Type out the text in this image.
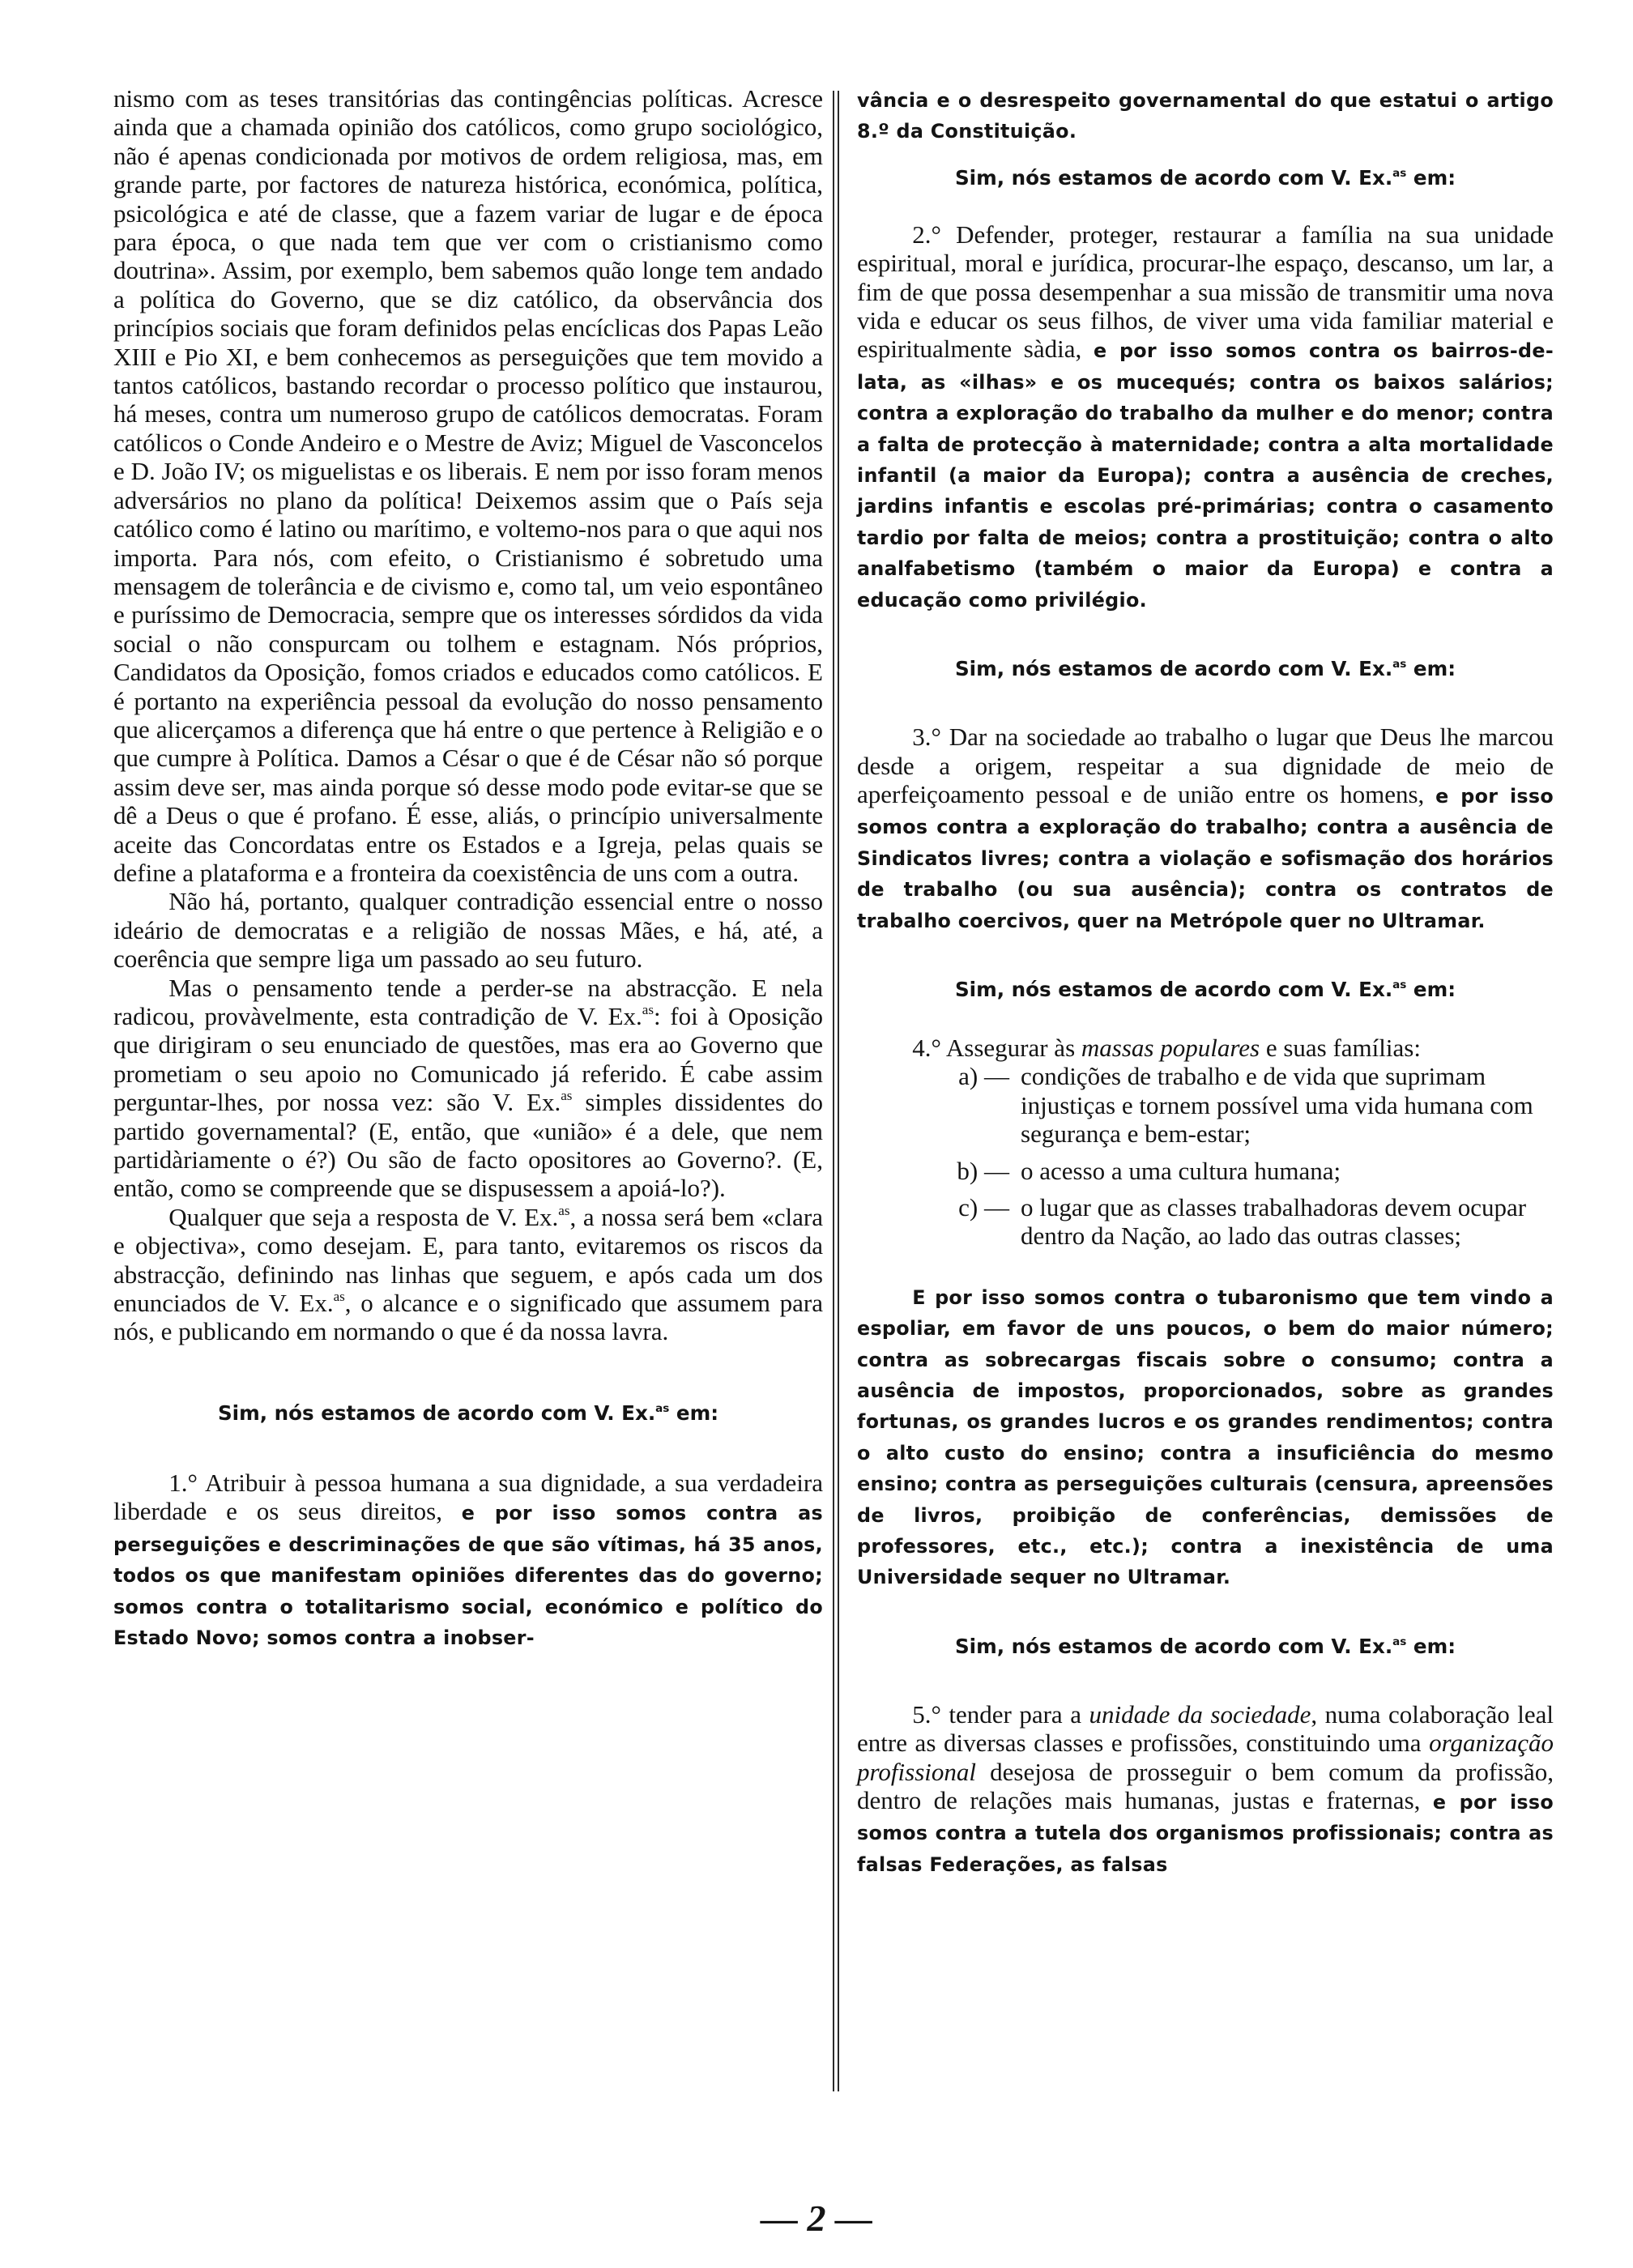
nismo com as teses transitórias das contingências políticas. Acresce ainda que a chamada opinião dos católicos, como grupo sociológico, não é apenas condicionada por motivos de ordem religiosa, mas, em grande parte, por factores de natureza histórica, económica, política, psicológica e até de classe, que a fazem variar de lugar e de época para época, o que nada tem que ver com o cristianismo como doutrina». Assim, por exemplo, bem sabemos quão longe tem andado a política do Governo, que se diz católico, da observância dos princípios sociais que foram definidos pelas encíclicas dos Papas Leão XIII e Pio XI, e bem conhecemos as perseguições que tem movido a tantos católicos, bastando recordar o processo político que instaurou, há meses, contra um numeroso grupo de católicos democratas. Foram católicos o Conde Andeiro e o Mestre de Aviz; Miguel de Vasconcelos e D. João IV; os miguelistas e os liberais. E nem por isso foram menos adversários no plano da política! Deixemos assim que o País seja católico como é latino ou marítimo, e voltemo-nos para o que aqui nos importa. Para nós, com efeito, o Cristianismo é sobretudo uma mensagem de tolerância e de civismo e, como tal, um veio espontâneo e puríssimo de Democracia, sempre que os interesses sórdidos da vida social o não conspurcam ou tolhem e estagnam. Nós próprios, Candidatos da Oposição, fomos criados e educados como católicos. E é portanto na experiência pessoal da evolução do nosso pensamento que alicerçamos a diferença que há entre o que pertence à Religião e o que cumpre à Política. Damos a César o que é de César não só porque assim deve ser, mas ainda porque só desse modo pode evitar-se que se dê a Deus o que é profano. É esse, aliás, o princípio universalmente aceite das Concordatas entre os Estados e a Igreja, pelas quais se define a plataforma e a fronteira da coexistência de uns com a outra.

Não há, portanto, qualquer contradição essencial entre o nosso ideário de democratas e a religião de nossas Mães, e há, até, a coerência que sempre liga um passado ao seu futuro.

Mas o pensamento tende a perder-se na abstracção. E nela radicou, provàvelmente, esta contradição de V. Ex.$^{as}$: foi à Oposição que dirigiram o seu enunciado de questões, mas era ao Governo que prometiam o seu apoio no Comunicado já referido. É cabe assim perguntar-lhes, por nossa vez: são V. Ex.$^{as}$ simples dissidentes do partido governamental? (E, então, que «união» é a dele, que nem partidàriamente o é?) Ou são de facto opositores ao Governo?. (E, então, como se compreende que se dispusessem a apoiá-lo?).

Qualquer que seja a resposta de V. Ex.$^{as}$, a nossa será bem «clara e objectiva», como desejam. E, para tanto, evitaremos os riscos da abstracção, definindo nas linhas que seguem, e após cada um dos enunciados de V. Ex.$^{as}$, o alcance e o significado que assumem para nós, e publicando em normando o que é da nossa lavra.

Sim, nós estamos de acordo com V. Ex.$^{as}$ em:

1.° Atribuir à pessoa humana a sua dignidade, a sua verdadeira liberdade e os seus direitos, e por isso somos contra as perseguições e descriminações de que são vítimas, há 35 anos, todos os que manifestam opiniões diferentes das do governo; somos contra o totalitarismo social, económico e político do Estado Novo; somos contra a inobser-

vância e o desrespeito governamental do que estatui o artigo 8.º da Constituição.

Sim, nós estamos de acordo com V. Ex.$^{as}$ em:

2.° Defender, proteger, restaurar a família na sua unidade espiritual, moral e jurídica, procurar-lhe espaço, descanso, um lar, a fim de que possa desempenhar a sua missão de transmitir uma nova vida e educar os seus filhos, de viver uma vida familiar material e espiritualmente sàdia, e por isso somos contra os bairros-de-lata, as «ilhas» e os mucequés; contra os baixos salários; contra a exploração do trabalho da mulher e do menor; contra a falta de protecção à maternidade; contra a alta mortalidade infantil (a maior da Europa); contra a ausência de creches, jardins infantis e escolas pré-primárias; contra o casamento tardio por falta de meios; contra a prostituição; contra o alto analfabetismo (também o maior da Europa) e contra a educação como privilégio.

Sim, nós estamos de acordo com V. Ex.$^{as}$ em:

3.° Dar na sociedade ao trabalho o lugar que Deus lhe marcou desde a origem, respeitar a sua dignidade de meio de aperfeiçoamento pessoal e de união entre os homens, e por isso somos contra a exploração do trabalho; contra a ausência de Sindicatos livres; contra a violação e sofismação dos horários de trabalho (ou sua ausência); contra os contratos de trabalho coercivos, quer na Metrópole quer no Ultramar.

Sim, nós estamos de acordo com V. Ex.$^{as}$ em:

4.° Assegurar às massas populares e suas famílias:

a) — condições de trabalho e de vida que suprimam injustiças e tornem possível uma vida humana com segurança e bem-estar;
b) — o acesso a uma cultura humana;
c) — o lugar que as classes trabalhadoras devem ocupar dentro da Nação, ao lado das outras classes;

E por isso somos contra o tubaronismo que tem vindo a espoliar, em favor de uns poucos, o bem do maior número; contra as sobrecargas fiscais sobre o consumo; contra a ausência de impostos, proporcionados, sobre as grandes fortunas, os grandes lucros e os grandes rendimentos; contra o alto custo do ensino; contra a insuficiência do mesmo ensino; contra as perseguições culturais (censura, apreensões de livros, proibição de conferências, demissões de professores, etc., etc.); contra a inexistência de uma Universidade sequer no Ultramar.

Sim, nós estamos de acordo com V. Ex.$^{as}$ em:

5.° tender para a unidade da sociedade, numa colaboração leal entre as diversas classes e profissões, constituindo uma organização profissional desejosa de prosseguir o bem comum da profissão, dentro de relações mais humanas, justas e fraternas, e por isso somos contra a tutela dos organismos profissionais; contra as falsas Federações, as falsas

— 2 —
